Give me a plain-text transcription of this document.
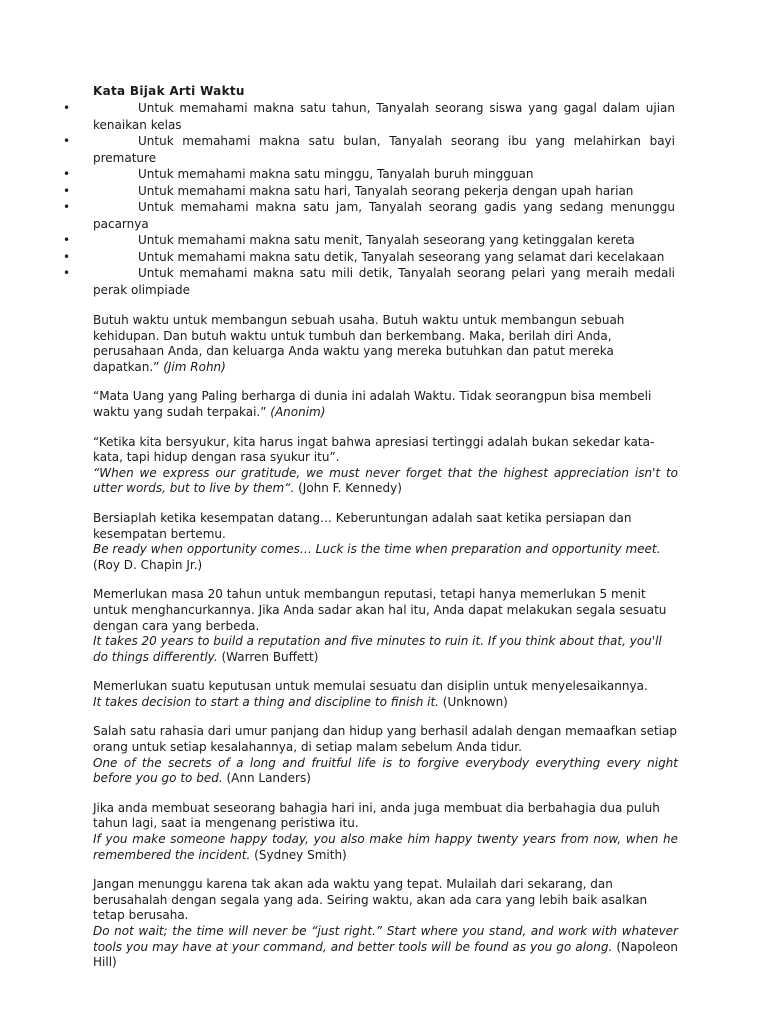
Kata Bijak Arti Waktu
• Untuk memahami makna satu tahun, Tanyalah seorang siswa yang gagal dalam ujian kenaikan kelas
• Untuk memahami makna satu bulan, Tanyalah seorang ibu yang melahirkan bayi premature
• Untuk memahami makna satu minggu, Tanyalah buruh mingguan
• Untuk memahami makna satu hari, Tanyalah seorang pekerja dengan upah harian
• Untuk memahami makna satu jam, Tanyalah seorang gadis yang sedang menunggu pacarnya
• Untuk memahami makna satu menit, Tanyalah seseorang yang ketinggalan kereta
• Untuk memahami makna satu detik, Tanyalah seseorang yang selamat dari kecelakaan
• Untuk memahami makna satu mili detik, Tanyalah seorang pelari yang meraih medali perak olimpiade

Butuh waktu untuk membangun sebuah usaha. Butuh waktu untuk membangun sebuah kehidupan. Dan butuh waktu untuk tumbuh dan berkembang. Maka, berilah diri Anda, perusahaan Anda, dan keluarga Anda waktu yang mereka butuhkan dan patut mereka dapatkan.” (Jim Rohn)

“Mata Uang yang Paling berharga di dunia ini adalah Waktu. Tidak seorangpun bisa membeli waktu yang sudah terpakai.” (Anonim)

“Ketika kita bersyukur, kita harus ingat bahwa apresiasi tertinggi adalah bukan sekedar kata-kata, tapi hidup dengan rasa syukur itu”.

“When we express our gratitude, we must never forget that the highest appreciation isn't to utter words, but to live by them“. (John F. Kennedy)

Bersiaplah ketika kesempatan datang… Keberuntungan adalah saat ketika persiapan dan kesempatan bertemu.

Be ready when opportunity comes… Luck is the time when preparation and opportunity meet. (Roy D. Chapin Jr.)

Memerlukan masa 20 tahun untuk membangun reputasi, tetapi hanya memerlukan 5 menit untuk menghancurkannya. Jika Anda sadar akan hal itu, Anda dapat melakukan segala sesuatu dengan cara yang berbeda.

It takes 20 years to build a reputation and five minutes to ruin it. If you think about that, you'll do things differently. (Warren Buffett)

Memerlukan suatu keputusan untuk memulai sesuatu dan disiplin untuk menyelesaikannya.

It takes decision to start a thing and discipline to finish it. (Unknown)

Salah satu rahasia dari umur panjang dan hidup yang berhasil adalah dengan memaafkan setiap orang untuk setiap kesalahannya, di setiap malam sebelum Anda tidur.

One of the secrets of a long and fruitful life is to forgive everybody everything every night before you go to bed. (Ann Landers)

Jika anda membuat seseorang bahagia hari ini, anda juga membuat dia berbahagia dua puluh tahun lagi, saat ia mengenang peristiwa itu.

If you make someone happy today, you also make him happy twenty years from now, when he remembered the incident. (Sydney Smith)

Jangan menunggu karena tak akan ada waktu yang tepat. Mulailah dari sekarang, dan berusahalah dengan segala yang ada. Seiring waktu, akan ada cara yang lebih baik asalkan tetap berusaha.

Do not wait; the time will never be “just right.” Start where you stand, and work with whatever tools you may have at your command, and better tools will be found as you go along. (Napoleon Hill)
